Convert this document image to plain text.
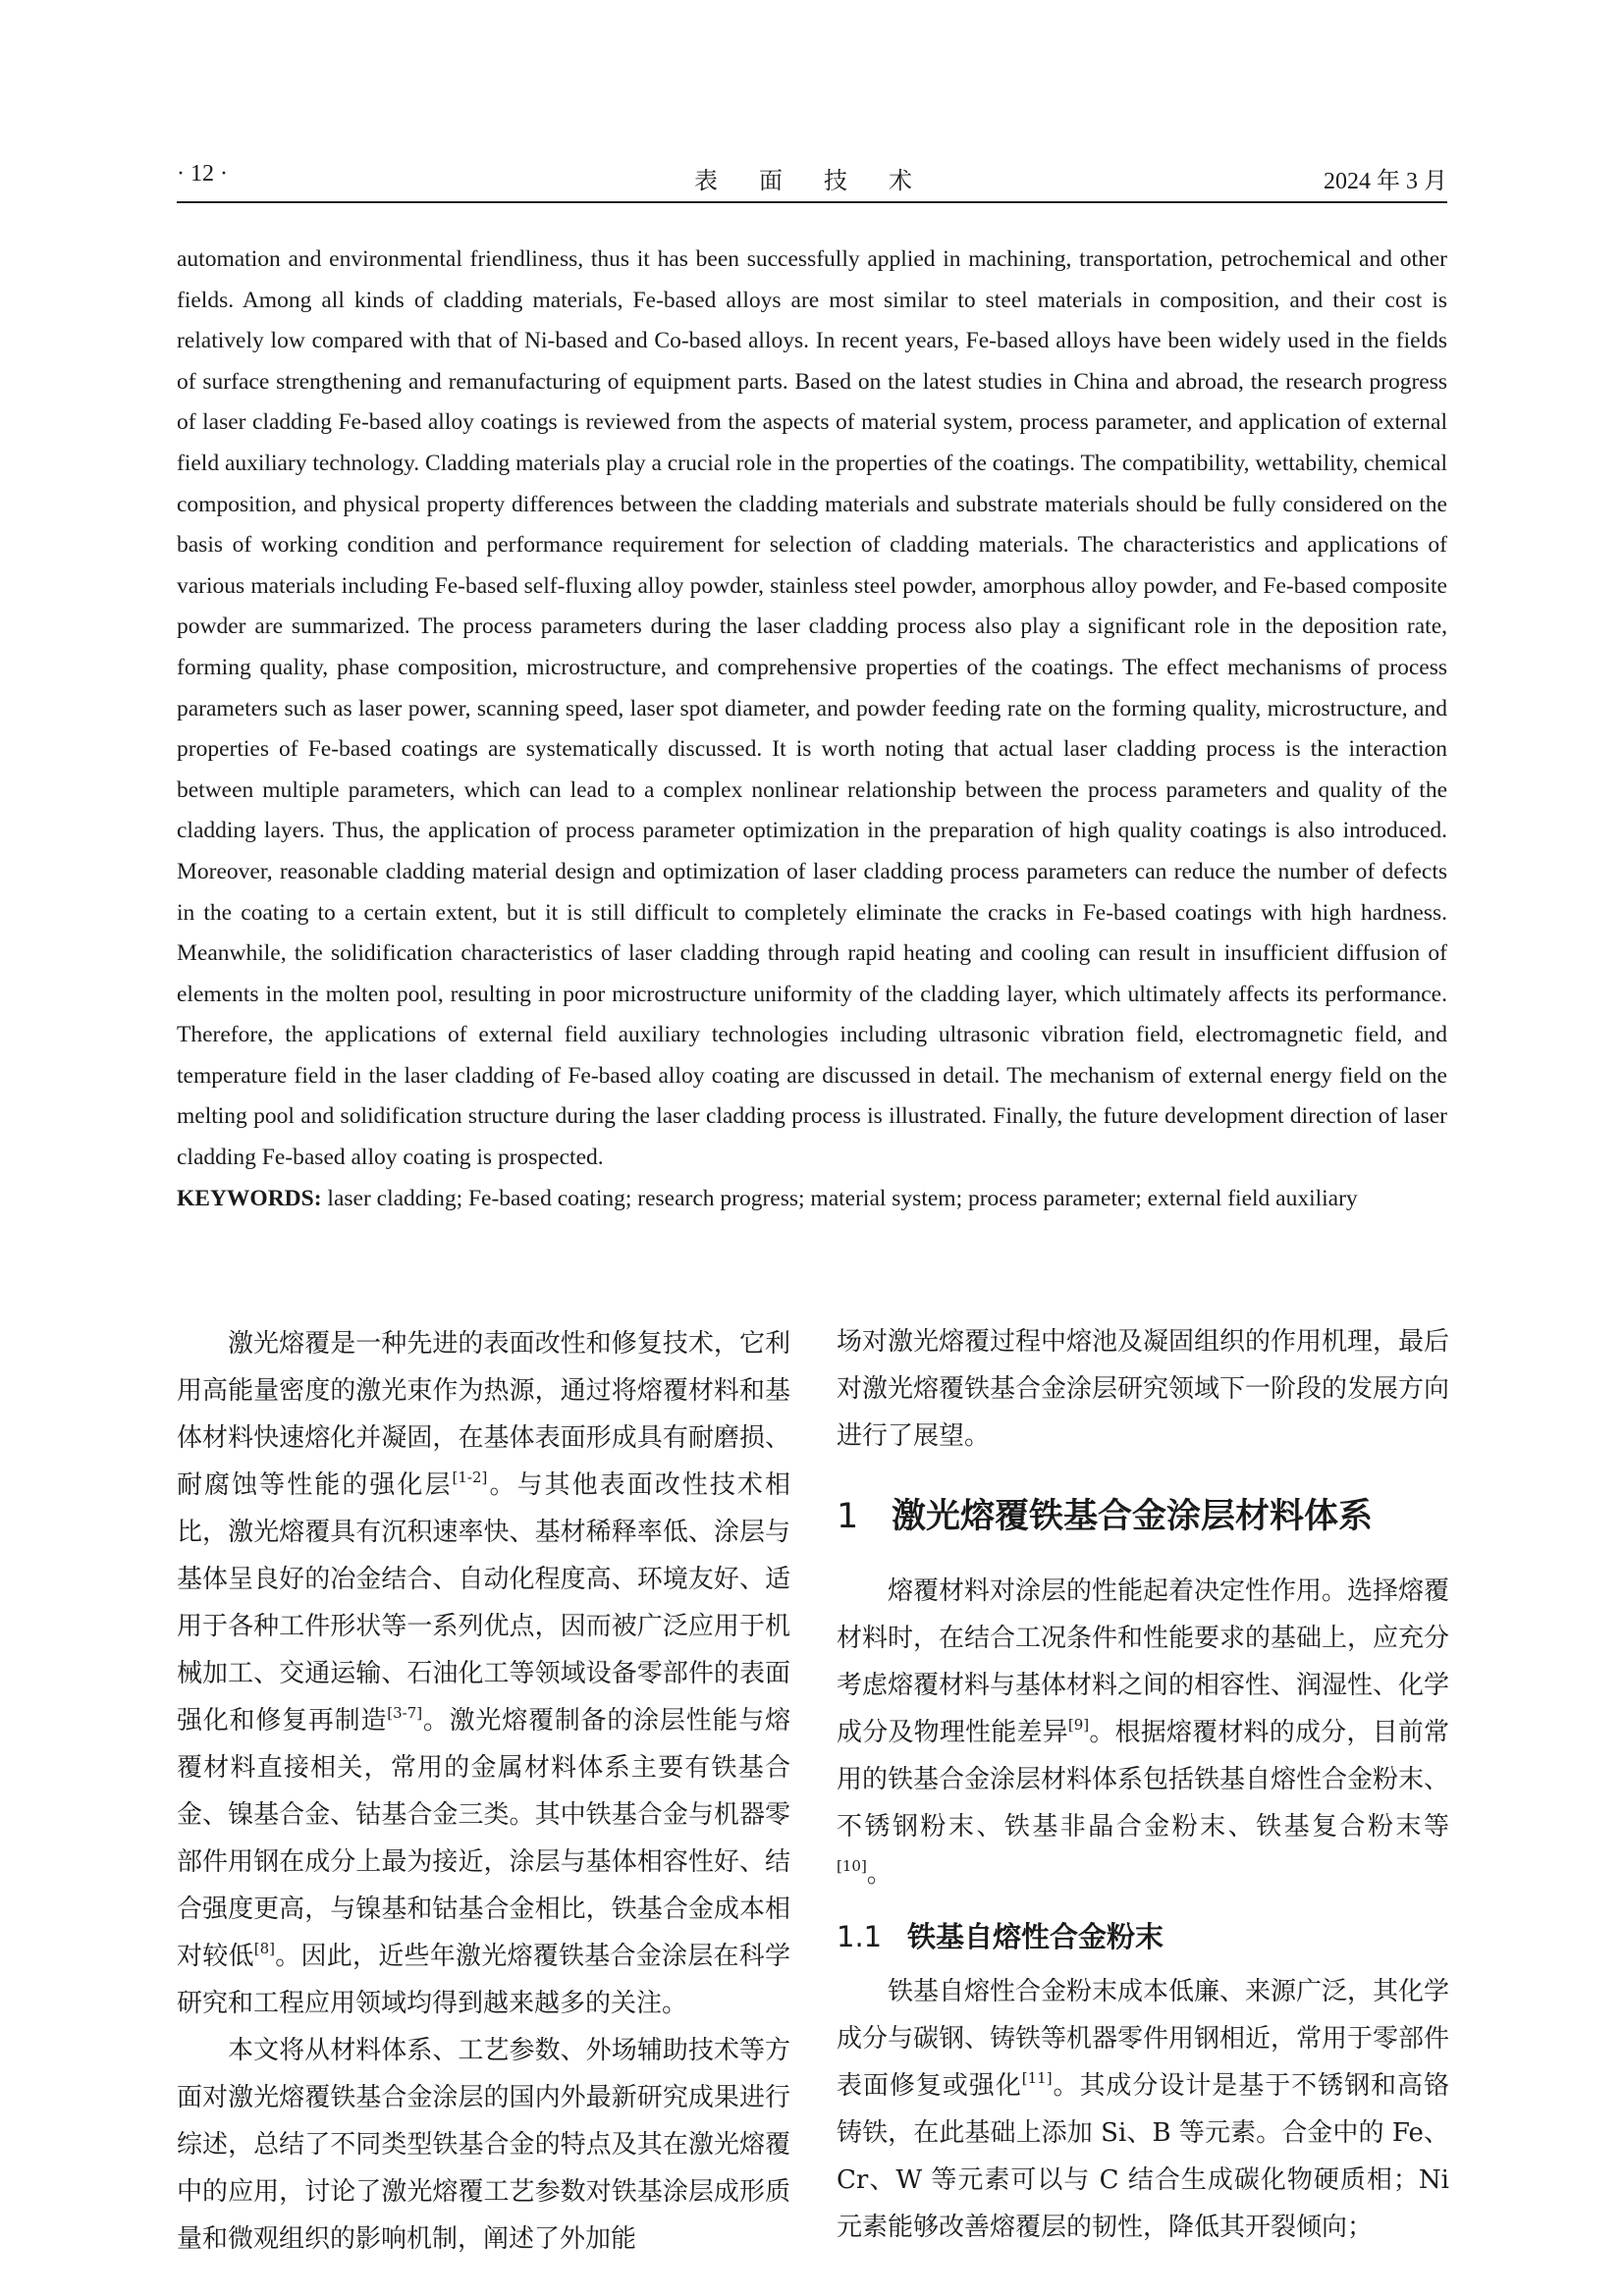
· 12 ·	表 面 技 术	2024 年 3 月

automation and environmental friendliness, thus it has been successfully applied in machining, transportation, petrochemical and other fields. Among all kinds of cladding materials, Fe-based alloys are most similar to steel materials in composition, and their cost is relatively low compared with that of Ni-based and Co-based alloys. In recent years, Fe-based alloys have been widely used in the fields of surface strengthening and remanufacturing of equipment parts. Based on the latest studies in China and abroad, the research progress of laser cladding Fe-based alloy coatings is reviewed from the aspects of material system, process parameter, and application of external field auxiliary technology. Cladding materials play a crucial role in the properties of the coatings. The compatibility, wettability, chemical composition, and physical property differences between the cladding materials and substrate materials should be fully considered on the basis of working condition and performance requirement for selection of cladding materials. The characteristics and applications of various materials including Fe-based self-fluxing alloy powder, stainless steel powder, amorphous alloy powder, and Fe-based composite powder are summarized. The process parameters during the laser cladding process also play a significant role in the deposition rate, forming quality, phase composition, microstructure, and comprehensive properties of the coatings. The effect mechanisms of process parameters such as laser power, scanning speed, laser spot diameter, and powder feeding rate on the forming quality, microstructure, and properties of Fe-based coatings are systematically discussed. It is worth noting that actual laser cladding process is the interaction between multiple parameters, which can lead to a complex nonlinear relationship between the process parameters and quality of the cladding layers. Thus, the application of process parameter optimization in the preparation of high quality coatings is also introduced. Moreover, reasonable cladding material design and optimization of laser cladding process parameters can reduce the number of defects in the coating to a certain extent, but it is still difficult to completely eliminate the cracks in Fe-based coatings with high hardness. Meanwhile, the solidification characteristics of laser cladding through rapid heating and cooling can result in insufficient diffusion of elements in the molten pool, resulting in poor microstructure uniformity of the cladding layer, which ultimately affects its performance. Therefore, the applications of external field auxiliary technologies including ultrasonic vibration field, electromagnetic field, and temperature field in the laser cladding of Fe-based alloy coating are discussed in detail. The mechanism of external energy field on the melting pool and solidification structure during the laser cladding process is illustrated. Finally, the future development direction of laser cladding Fe-based alloy coating is prospected.

KEYWORDS: laser cladding; Fe-based coating; research progress; material system; process parameter; external field auxiliary

激光熔覆是一种先进的表面改性和修复技术，它利用高能量密度的激光束作为热源，通过将熔覆材料和基体材料快速熔化并凝固，在基体表面形成具有耐磨损、耐腐蚀等性能的强化层[1-2]。与其他表面改性技术相比，激光熔覆具有沉积速率快、基材稀释率低、涂层与基体呈良好的冶金结合、自动化程度高、环境友好、适用于各种工件形状等一系列优点，因而被广泛应用于机械加工、交通运输、石油化工等领域设备零部件的表面强化和修复再制造[3-7]。激光熔覆制备的涂层性能与熔覆材料直接相关，常用的金属材料体系主要有铁基合金、镍基合金、钴基合金三类。其中铁基合金与机器零部件用钢在成分上最为接近，涂层与基体相容性好、结合强度更高，与镍基和钴基合金相比，铁基合金成本相对较低[8]。因此，近些年激光熔覆铁基合金涂层在科学研究和工程应用领域均得到越来越多的关注。

本文将从材料体系、工艺参数、外场辅助技术等方面对激光熔覆铁基合金涂层的国内外最新研究成果进行综述，总结了不同类型铁基合金的特点及其在激光熔覆中的应用，讨论了激光熔覆工艺参数对铁基涂层成形质量和微观组织的影响机制，阐述了外加能

场对激光熔覆过程中熔池及凝固组织的作用机理，最后对激光熔覆铁基合金涂层研究领域下一阶段的发展方向进行了展望。

1 激光熔覆铁基合金涂层材料体系

熔覆材料对涂层的性能起着决定性作用。选择熔覆材料时，在结合工况条件和性能要求的基础上，应充分考虑熔覆材料与基体材料之间的相容性、润湿性、化学成分及物理性能差异[9]。根据熔覆材料的成分，目前常用的铁基合金涂层材料体系包括铁基自熔性合金粉末、不锈钢粉末、铁基非晶合金粉末、铁基复合粉末等[10]。

1.1 铁基自熔性合金粉末

铁基自熔性合金粉末成本低廉、来源广泛，其化学成分与碳钢、铸铁等机器零件用钢相近，常用于零部件表面修复或强化[11]。其成分设计是基于不锈钢和高铬铸铁，在此基础上添加 Si、B 等元素。合金中的 Fe、Cr、W 等元素可以与 C 结合生成碳化物硬质相；Ni 元素能够改善熔覆层的韧性，降低其开裂倾向；
